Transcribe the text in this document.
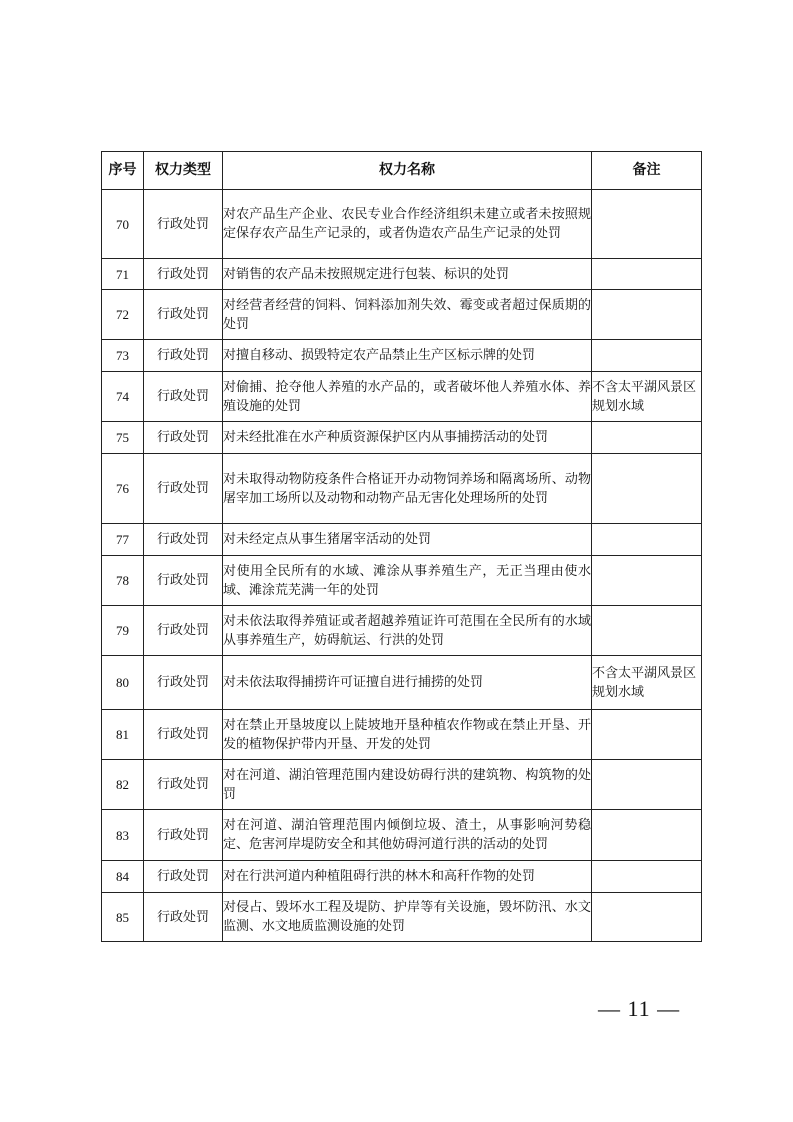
序号	权力类型	权力名称	备注
70	行政处罚	对农产品生产企业、农民专业合作经济组织未建立或者未按照规定保存农产品生产记录的，或者伪造农产品生产记录的处罚	
71	行政处罚	对销售的农产品未按照规定进行包装、标识的处罚	
72	行政处罚	对经营者经营的饲料、饲料添加剂失效、霉变或者超过保质期的处罚	
73	行政处罚	对擅自移动、损毁特定农产品禁止生产区标示牌的处罚	
74	行政处罚	对偷捕、抢夺他人养殖的水产品的，或者破坏他人养殖水体、养殖设施的处罚	不含太平湖风景区规划水域
75	行政处罚	对未经批准在水产种质资源保护区内从事捕捞活动的处罚	
76	行政处罚	对未取得动物防疫条件合格证开办动物饲养场和隔离场所、动物屠宰加工场所以及动物和动物产品无害化处理场所的处罚	
77	行政处罚	对未经定点从事生猪屠宰活动的处罚	
78	行政处罚	对使用全民所有的水域、滩涂从事养殖生产，无正当理由使水域、滩涂荒芜满一年的处罚	
79	行政处罚	对未依法取得养殖证或者超越养殖证许可范围在全民所有的水域从事养殖生产，妨碍航运、行洪的处罚	
80	行政处罚	对未依法取得捕捞许可证擅自进行捕捞的处罚	不含太平湖风景区规划水域
81	行政处罚	对在禁止开垦坡度以上陡坡地开垦种植农作物或在禁止开垦、开发的植物保护带内开垦、开发的处罚	
82	行政处罚	对在河道、湖泊管理范围内建设妨碍行洪的建筑物、构筑物的处罚	
83	行政处罚	对在河道、湖泊管理范围内倾倒垃圾、渣土，从事影响河势稳定、危害河岸堤防安全和其他妨碍河道行洪的活动的处罚	
84	行政处罚	对在行洪河道内种植阻碍行洪的林木和高秆作物的处罚	
85	行政处罚	对侵占、毁坏水工程及堤防、护岸等有关设施，毁坏防汛、水文监测、水文地质监测设施的处罚	
— 11 —
